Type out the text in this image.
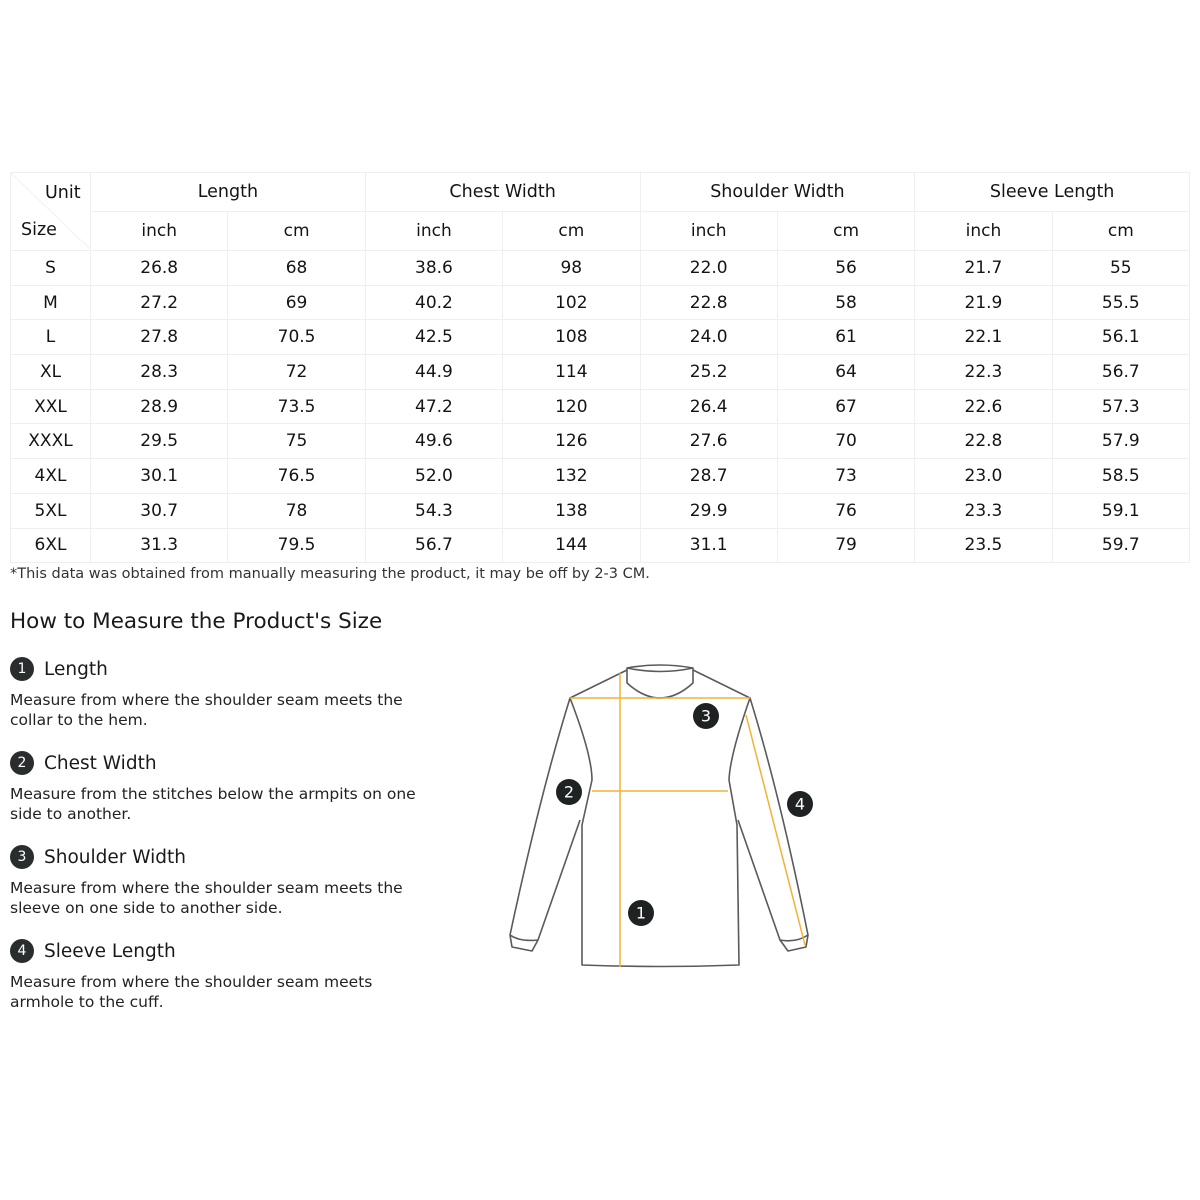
Unit
Size	Length		Chest Width		Shoulder Width		Sleeve Length	
	inch	cm	inch	cm	inch	cm	inch	cm
S	26.8	68	38.6	98	22.0	56	21.7	55
M	27.2	69	40.2	102	22.8	58	21.9	55.5
L	27.8	70.5	42.5	108	24.0	61	22.1	56.1
XL	28.3	72	44.9	114	25.2	64	22.3	56.7
XXL	28.9	73.5	47.2	120	26.4	67	22.6	57.3
XXXL	29.5	75	49.6	126	27.6	70	22.8	57.9
4XL	30.1	76.5	52.0	132	28.7	73	23.0	58.5
5XL	30.7	78	54.3	138	29.9	76	23.3	59.1
6XL	31.3	79.5	56.7	144	31.1	79	23.5	59.7
*This data was obtained from manually measuring the product, it may be off by 2-3 CM.
How to Measure the Product's Size
1 Length
Measure from where the shoulder seam meets the collar to the hem.
2 Chest Width
Measure from the stitches below the armpits on one side to another.
3 Shoulder Width
Measure from where the shoulder seam meets the sleeve on one side to another side.
4 Sleeve Length
Measure from where the shoulder seam meets armhole to the cuff.
3
2
4
1
